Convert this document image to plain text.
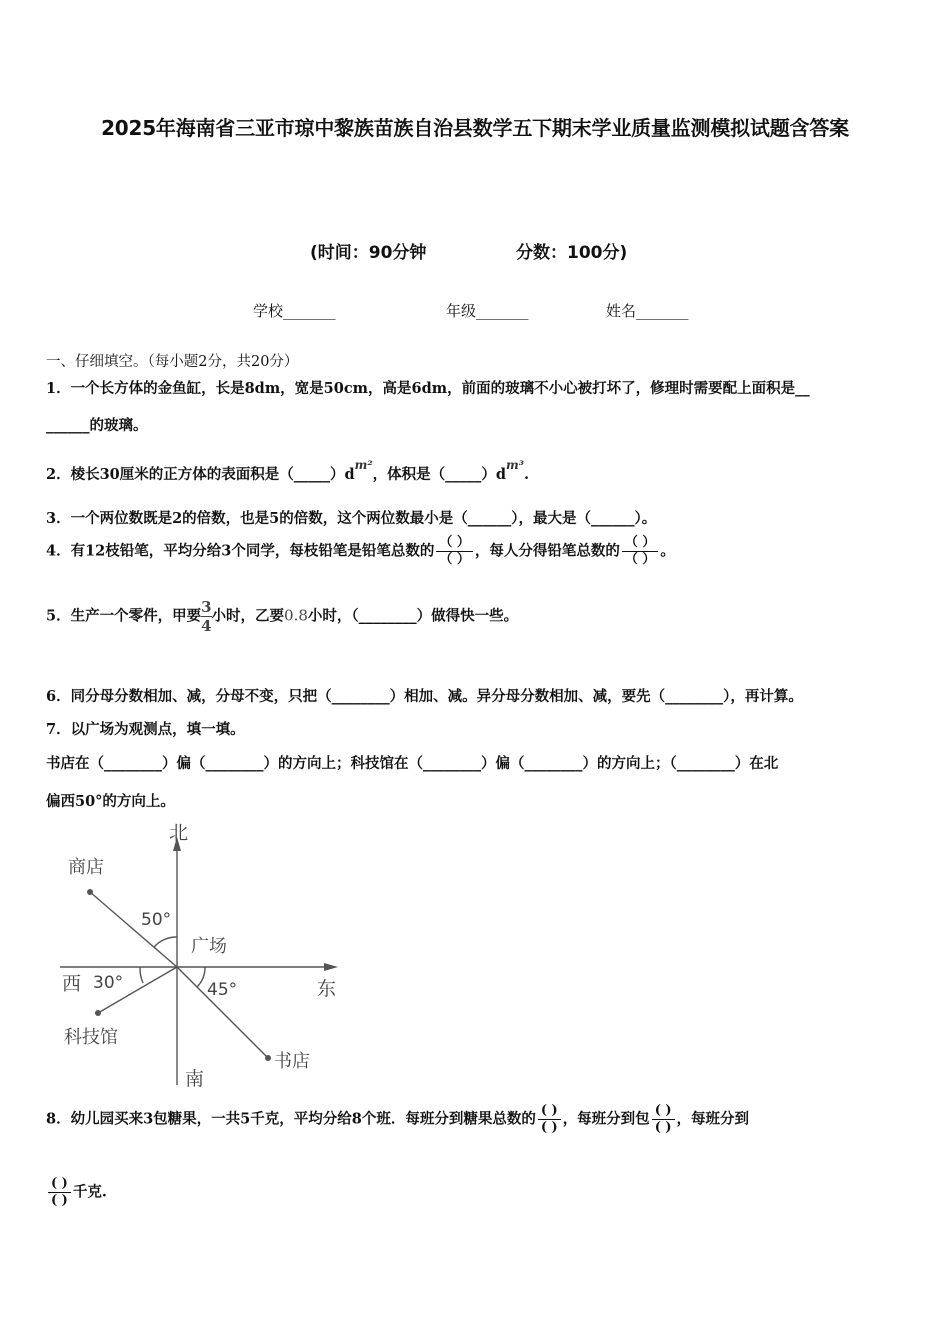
2025年海南省三亚市琼中黎族苗族自治县数学五下期末学业质量监测模拟试题含答案
(时间：90分钟	分数：100分)
学校_______	年级_______	姓名_______
一、仔细填空。（每小题2分，共20分）
1．一个长方体的金鱼缸，长是8dm，宽是50cm，高是6dm，前面的玻璃不小心被打坏了，修理时需要配上面积是__
______的玻璃。
2．棱长30厘米的正方体的表面积是$(\_\_\_\_\_)d^{m^2}$，体积是$(\_\_\_\_\_)d^{m^3}$.
3．一个两位数既是2的倍数，也是5的倍数，这个两位数最小是（______），最大是（______）。
4．有12枝铅笔，平均分给3个同学，每枝铅笔是铅笔总数的 $\frac{( )}{( )}$ ，每人分得铅笔总数的 $\frac{( )}{( )}$ 。
5．生产一个零件，甲要 $\frac{3}{4}$ 小时，乙要0.8小时，（________）做得快一些。
6．同分母分数相加、减，分母不变，只把（________）相加、减。异分母分数相加、减，要先（________），再计算。
7．以广场为观测点，填一填。
书店在（________）偏（________）的方向上；科技馆在（________）偏（________）的方向上；（________）在北
偏西50°的方向上。
北
南
东
西
广场
商店
书店
科技馆
50°
30°	45°
8．幼儿园买来3包糖果，一共5千克，平均分给8个班．每班分到糖果总数的 $\frac{( )}{( )}$ ，每班分到包 $\frac{( )}{( )}$ ，每班分到
$\frac{( )}{( )}$ 千克.
